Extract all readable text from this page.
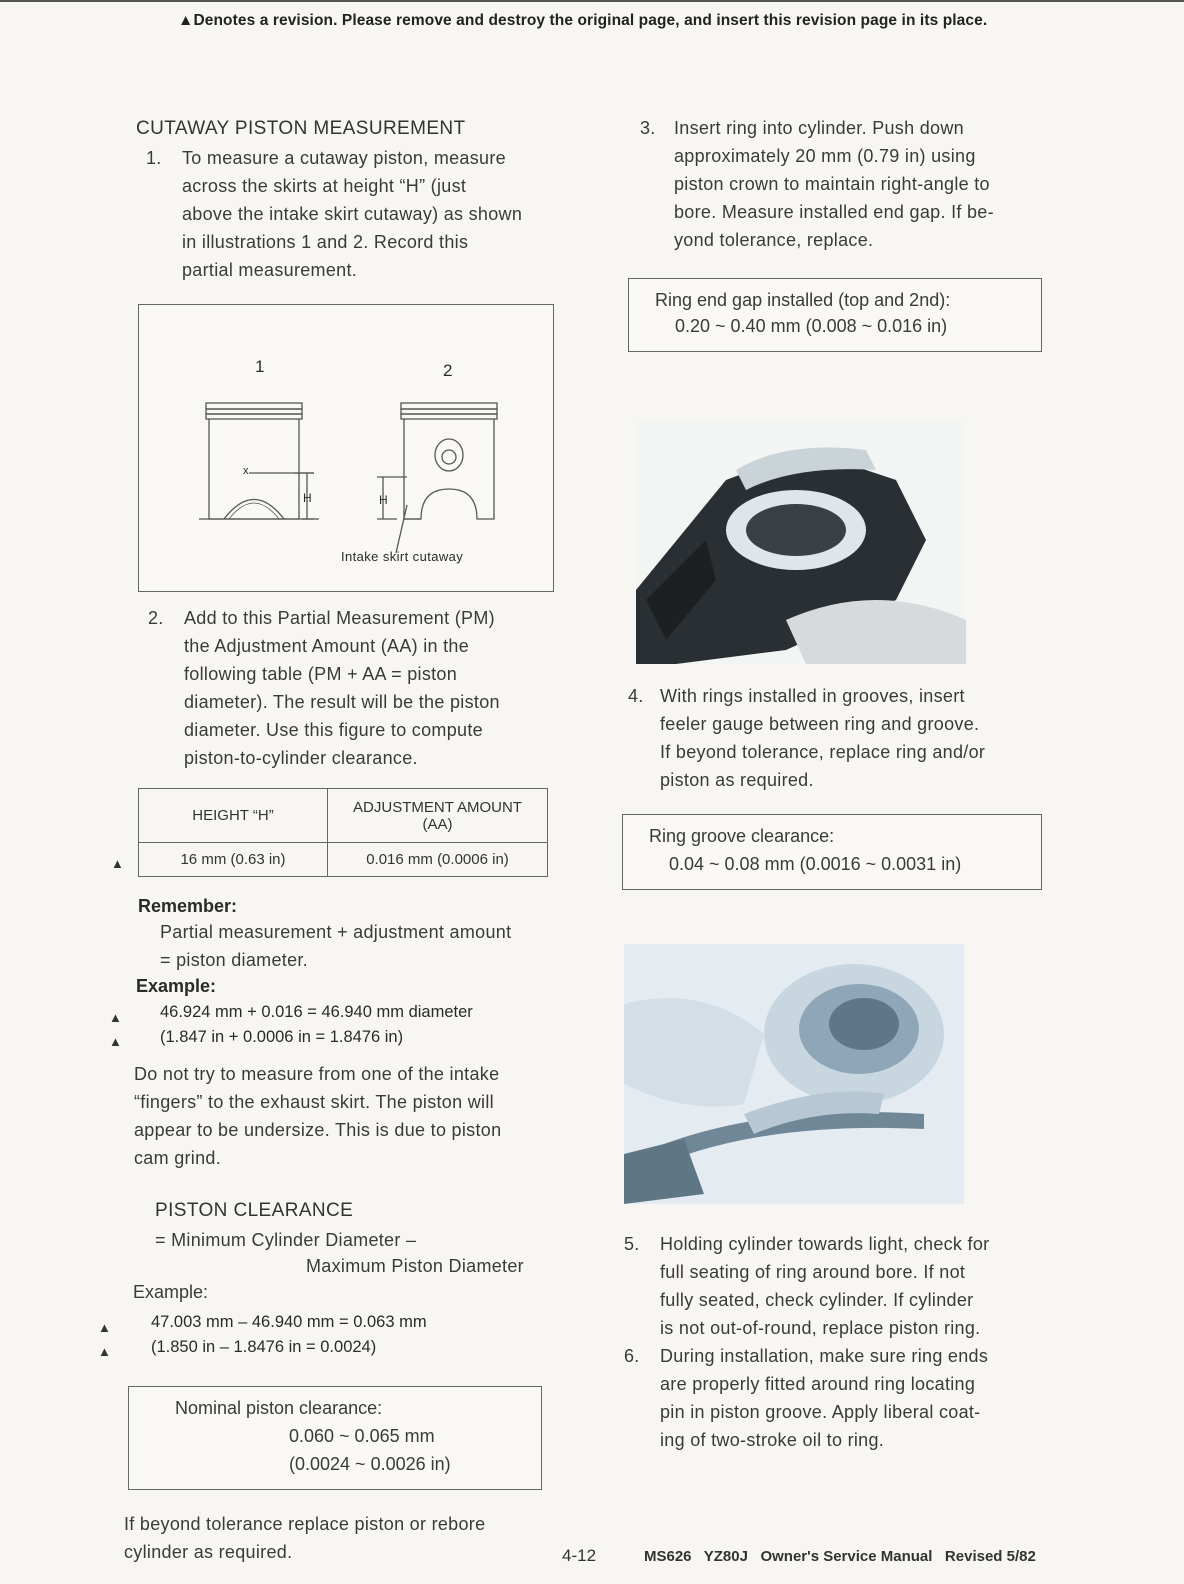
▲Denotes a revision. Please remove and destroy the original page, and insert this revision page in its place.
CUTAWAY PISTON MEASUREMENT
1. To measure a cutaway piston, measure
across the skirts at height “H” (just
above the intake skirt cutaway) as shown
in illustrations 1 and 2. Record this
partial measurement.
1	2
x
H	H
Intake skirt cutaway
2. Add to this Partial Measurement (PM)
the Adjustment Amount (AA) in the
following table (PM + AA = piston
diameter). The result will be the piston
diameter. Use this figure to compute
piston-to-cylinder clearance.
HEIGHT “H”	ADJUSTMENT AMOUNT
(AA)

16 mm (0.63 in)	0.016 mm (0.0006 in)
▲
Remember:
Partial measurement + adjustment amount
= piston diameter.
Example:
46.924 mm + 0.016 = 46.940 mm diameter
(1.847 in + 0.0006 in = 1.8476 in)
▲
▲
Do not try to measure from one of the intake
“fingers” to the exhaust skirt. The piston will
appear to be undersize. This is due to piston
cam grind.
PISTON CLEARANCE
= Minimum Cylinder Diameter –
Maximum Piston Diameter
Example:
47.003 mm – 46.940 mm = 0.063 mm
(1.850 in – 1.8476 in = 0.0024)
▲
▲
Nominal piston clearance:
0.060 ~ 0.065 mm
(0.0024 ~ 0.0026 in)
If beyond tolerance replace piston or rebore
cylinder as required.
3. Insert ring into cylinder. Push down
approximately 20 mm (0.79 in) using
piston crown to maintain right-angle to
bore. Measure installed end gap. If be-
yond tolerance, replace.
Ring end gap installed (top and 2nd):
0.20 ~ 0.40 mm (0.008 ~ 0.016 in)
4. With rings installed in grooves, insert
feeler gauge between ring and groove.
If beyond tolerance, replace ring and/or
piston as required.
Ring groove clearance:
0.04 ~ 0.08 mm (0.0016 ~ 0.0031 in)
5. Holding cylinder towards light, check for
full seating of ring around bore. If not
fully seated, check cylinder. If cylinder
is not out-of-round, replace piston ring.
6. During installation, make sure ring ends
are properly fitted around ring locating
pin in piston groove. Apply liberal coat-
ing of two-stroke oil to ring.
4-12	MS626   YZ80J   Owner's Service Manual   Revised 5/82
